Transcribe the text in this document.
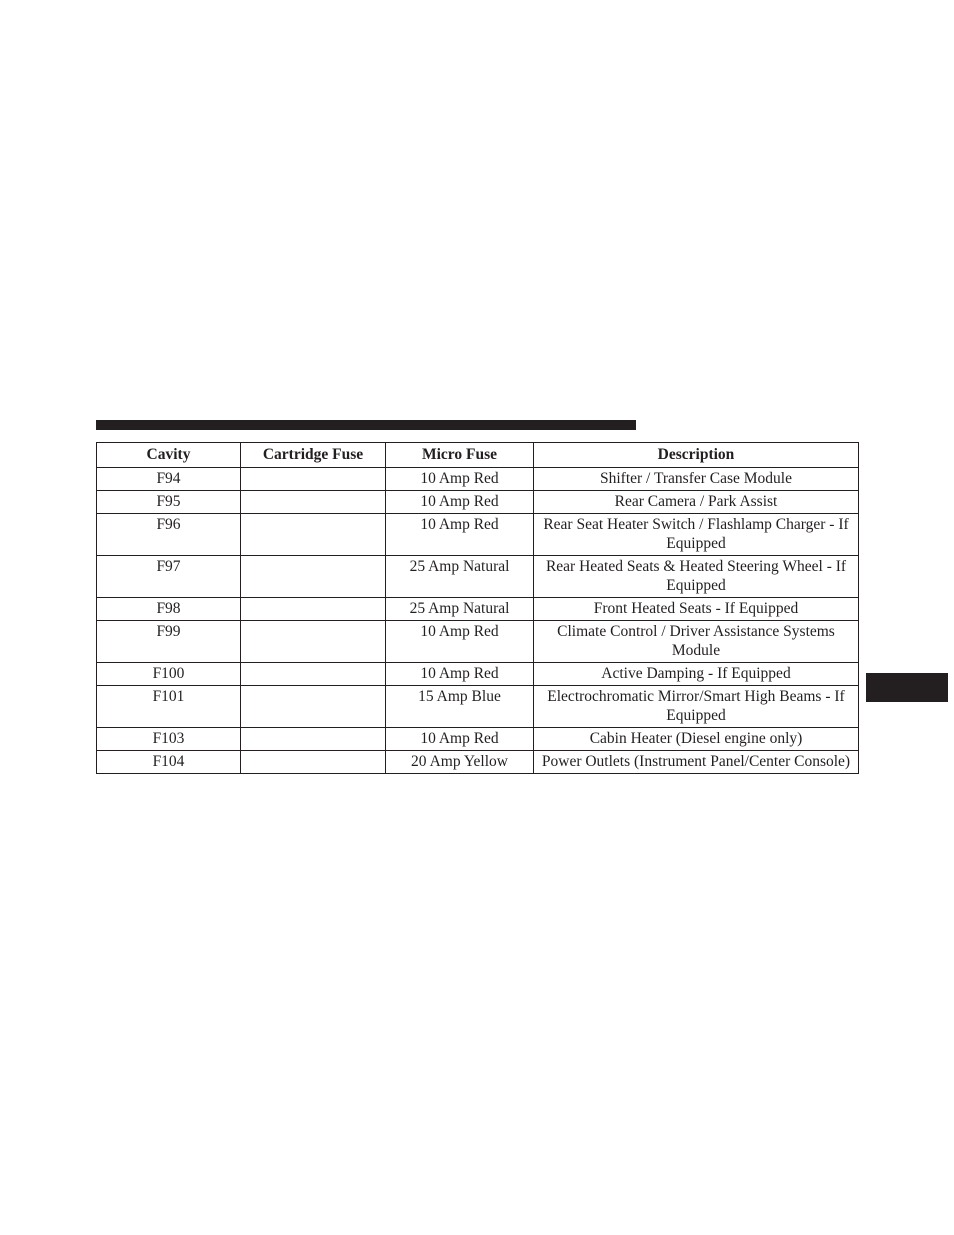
Cavity	Cartridge Fuse	Micro Fuse	Description
F94		10 Amp Red	Shifter / Transfer Case Module
F95		10 Amp Red	Rear Camera / Park Assist
F96		10 Amp Red	Rear Seat Heater Switch / Flashlamp Charger - If Equipped
F97		25 Amp Natural	Rear Heated Seats & Heated Steering Wheel - If Equipped
F98		25 Amp Natural	Front Heated Seats - If Equipped
F99		10 Amp Red	Climate Control / Driver Assistance Systems Module
F100		10 Amp Red	Active Damping - If Equipped
F101		15 Amp Blue	Electrochromatic Mirror/Smart High Beams - If Equipped
F103		10 Amp Red	Cabin Heater (Diesel engine only)
F104		20 Amp Yellow	Power Outlets (Instrument Panel/Center Console)
